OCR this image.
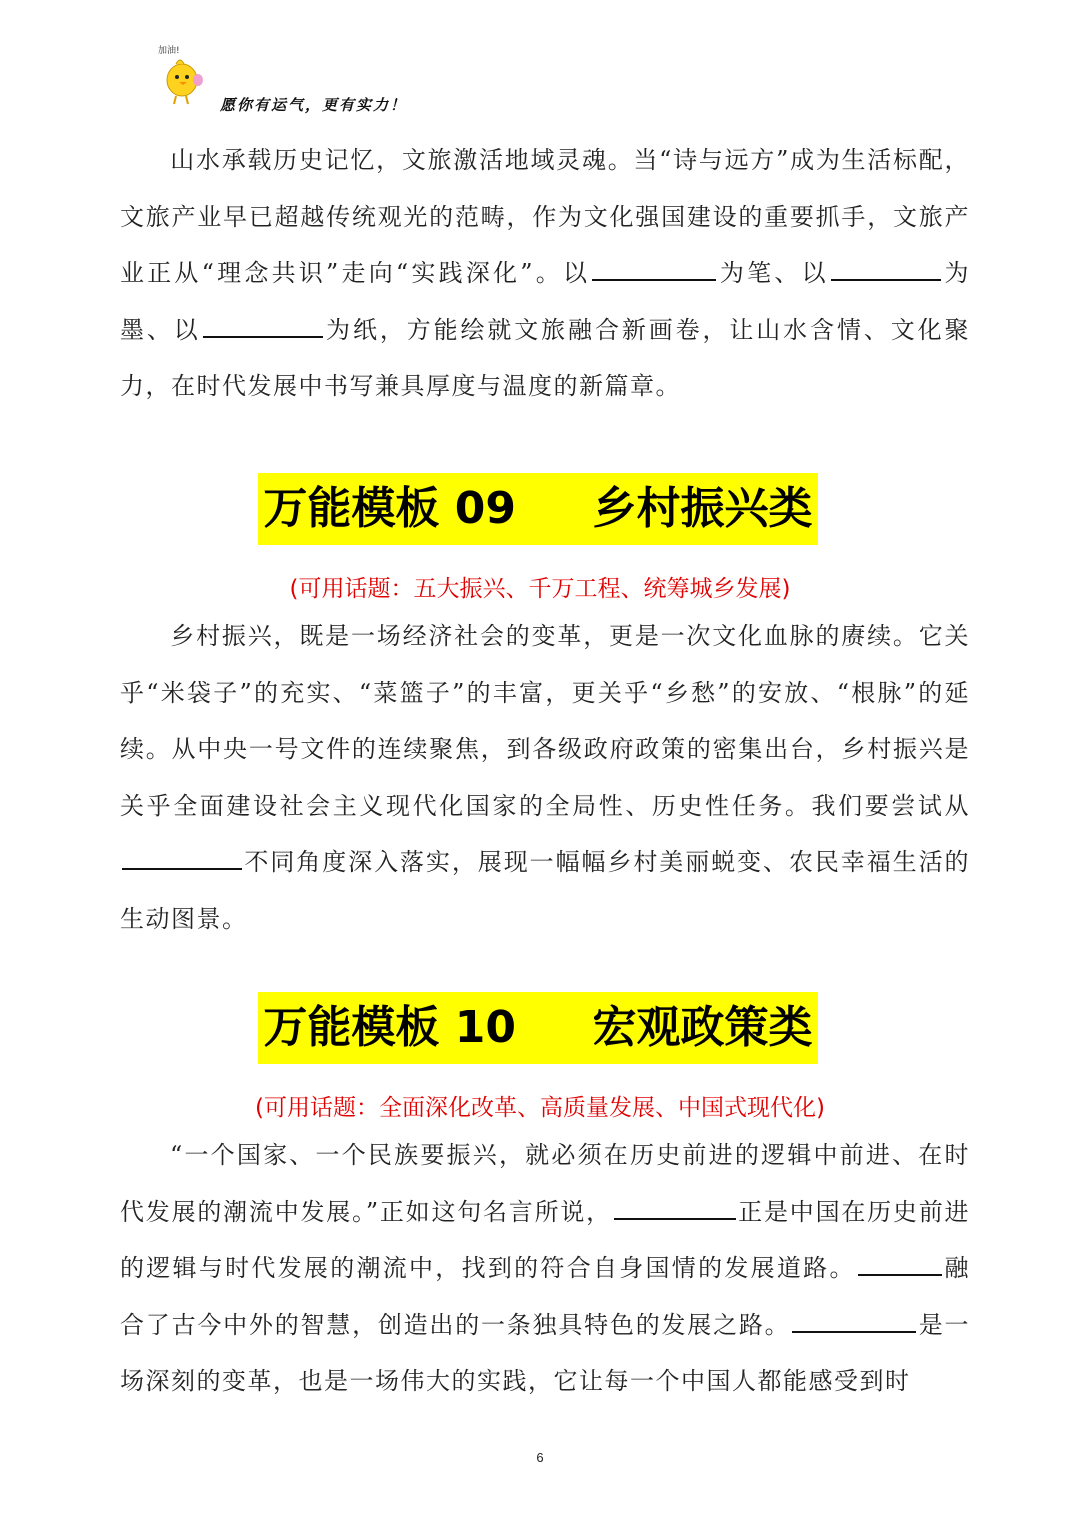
加油!
愿你有运气，更有实力！

山水承载历史记忆，文旅激活地域灵魂。当“诗与远方”成为生活标配，文旅产业早已超越传统观光的范畴，作为文化强国建设的重要抓手，文旅产业正从“理念共识”走向“实践深化”。以	为笔、以	为墨、以	为纸，方能绘就文旅融合新画卷，让山水含情、文化聚力，在时代发展中书写兼具厚度与温度的新篇章。

万能模板 09     乡村振兴类
(可用话题：五大振兴、千万工程、统筹城乡发展)

乡村振兴，既是一场经济社会的变革，更是一次文化血脉的赓续。它关乎“米袋子”的充实、“菜篮子”的丰富，更关乎“乡愁”的安放、“根脉”的延续。从中央一号文件的连续聚焦，到各级政府政策的密集出台，乡村振兴是关乎全面建设社会主义现代化国家的全局性、历史性任务。我们要尝试从不同角度深入落实，展现一幅幅乡村美丽蜕变、农民幸福生活的生动图景。

万能模板 10     宏观政策类
(可用话题：全面深化改革、高质量发展、中国式现代化)

“一个国家、一个民族要振兴，就必须在历史前进的逻辑中前进、在时代发展的潮流中发展。”正如这句名言所说，	正是中国在历史前进的逻辑与时代发展的潮流中，找到的符合自身国情的发展道路。	融合了古今中外的智慧，创造出的一条独具特色的发展之路。	是一场深刻的变革，也是一场伟大的实践，它让每一个中国人都能感受到时

6
